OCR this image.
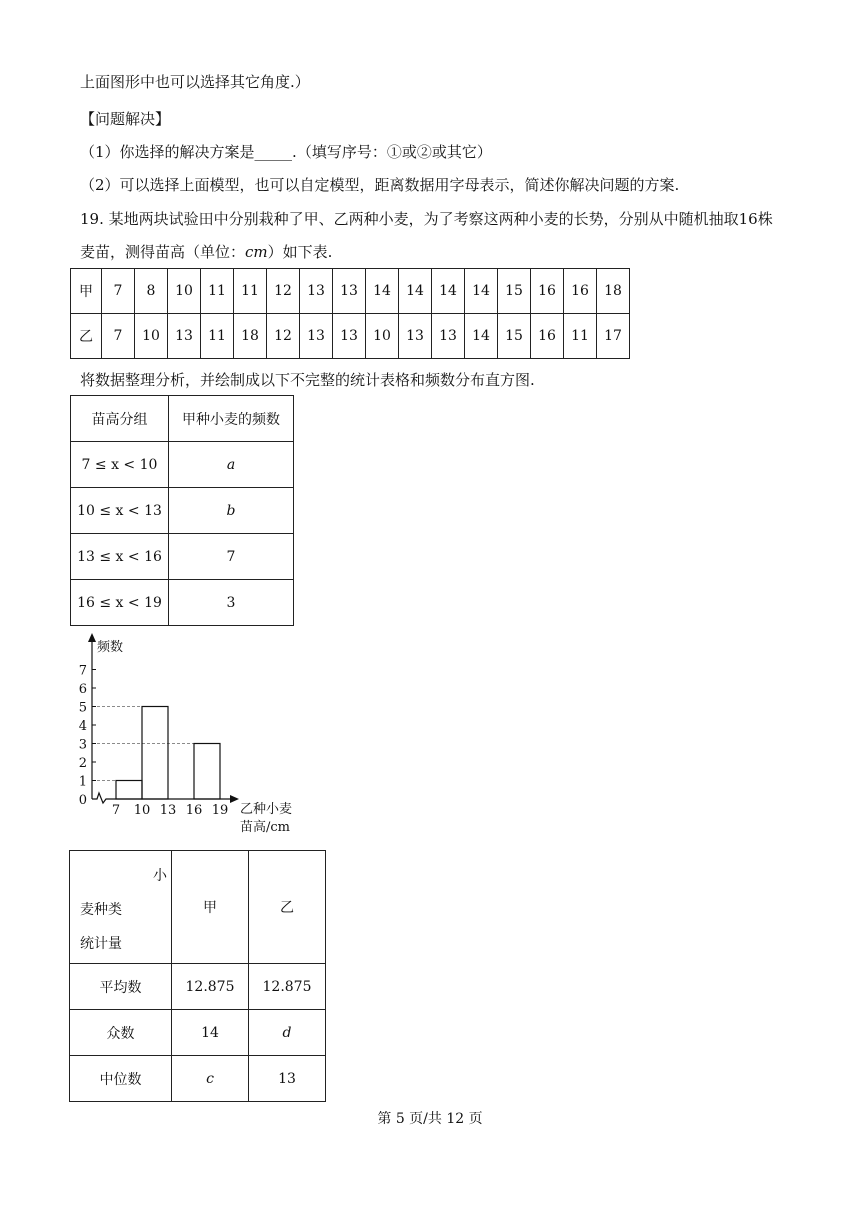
上面图形中也可以选择其它角度.）
【问题解决】
（1）你选择的解决方案是_____.（填写序号：①或②或其它）
（2）可以选择上面模型，也可以自定模型，距离数据用字母表示，简述你解决问题的方案.
19. 某地两块试验田中分别栽种了甲、乙两种小麦，为了考察这两种小麦的长势，分别从中随机抽取16株
麦苗，测得苗高（单位：cm）如下表.
甲	7	8	10	11	11	12	13	13	14	14	14	14	15	16	16	18
乙	7	10	13	11	18	12	13	13	10	13	13	14	15	16	11	17
将数据整理分析，并绘制成以下不完整的统计表格和频数分布直方图.
苗高分组	甲种小麦的频数
7 ≤ x < 10	a
10 ≤ x < 13	b
13 ≤ x < 16	7
16 ≤ x < 19	3
0
1
2
3
4
5
6
7
7 10 13 16 19
频数
乙种小麦
苗高/cm
小
麦种类
统计量	甲	乙
平均数	12.875	12.875
众数	14	d
中位数	c	13
第 5 页/共 12 页
